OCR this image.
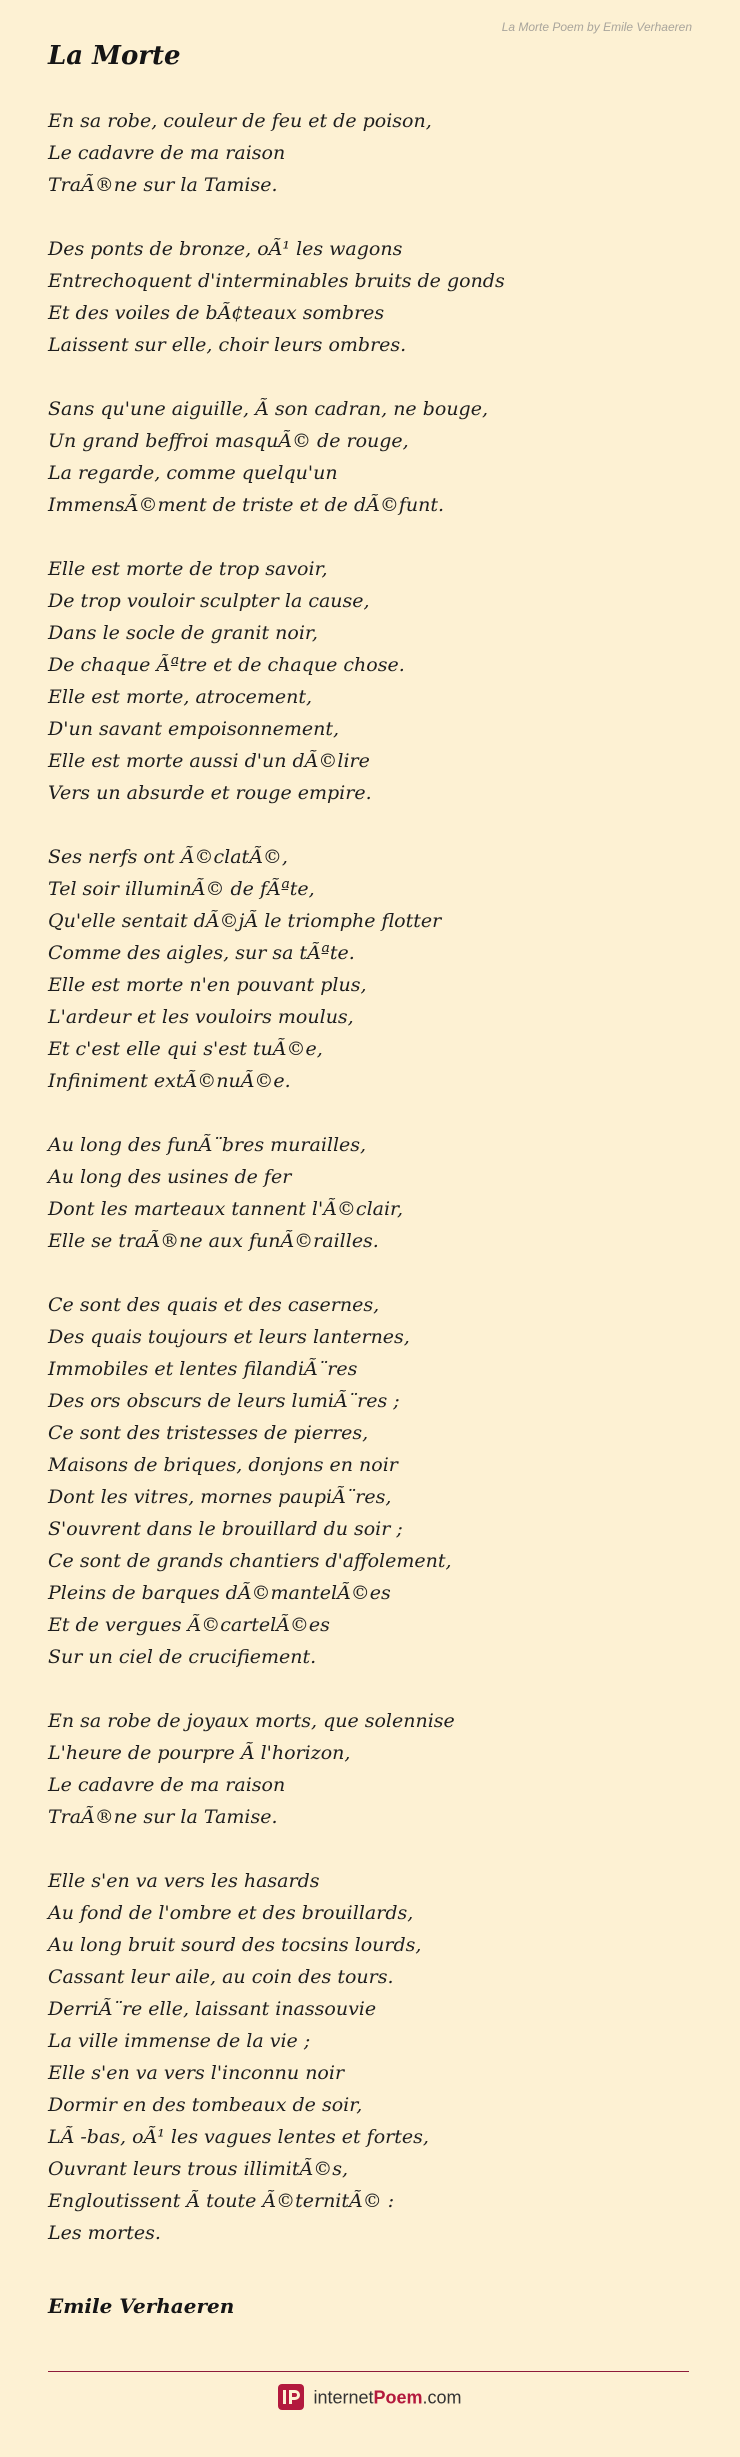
La Morte Poem by Emile Verhaeren
La Morte
En sa robe, couleur de feu et de poison,
Le cadavre de ma raison
TraÃ®ne sur la Tamise.
Des ponts de bronze, oÃ¹ les wagons
Entrechoquent d'interminables bruits de gonds
Et des voiles de bÃ¢teaux sombres
Laissent sur elle, choir leurs ombres.
Sans qu'une aiguille, Ã son cadran, ne bouge,
Un grand beffroi masquÃ© de rouge,
La regarde, comme quelqu'un
ImmensÃ©ment de triste et de dÃ©funt.
Elle est morte de trop savoir,
De trop vouloir sculpter la cause,
Dans le socle de granit noir,
De chaque Ãªtre et de chaque chose.
Elle est morte, atrocement,
D'un savant empoisonnement,
Elle est morte aussi d'un dÃ©lire
Vers un absurde et rouge empire.
Ses nerfs ont Ã©clatÃ©,
Tel soir illuminÃ© de fÃªte,
Qu'elle sentait dÃ©jÃ le triomphe flotter
Comme des aigles, sur sa tÃªte.
Elle est morte n'en pouvant plus,
L'ardeur et les vouloirs moulus,
Et c'est elle qui s'est tuÃ©e,
Infiniment extÃ©nuÃ©e.
Au long des funÃ¨bres murailles,
Au long des usines de fer
Dont les marteaux tannent l'Ã©clair,
Elle se traÃ®ne aux funÃ©railles.
Ce sont des quais et des casernes,
Des quais toujours et leurs lanternes,
Immobiles et lentes filandiÃ¨res
Des ors obscurs de leurs lumiÃ¨res ;
Ce sont des tristesses de pierres,
Maisons de briques, donjons en noir
Dont les vitres, mornes paupiÃ¨res,
S'ouvrent dans le brouillard du soir ;
Ce sont de grands chantiers d'affolement,
Pleins de barques dÃ©mantelÃ©es
Et de vergues Ã©cartelÃ©es
Sur un ciel de crucifiement.
En sa robe de joyaux morts, que solennise
L'heure de pourpre Ã l'horizon,
Le cadavre de ma raison
TraÃ®ne sur la Tamise.
Elle s'en va vers les hasards
Au fond de l'ombre et des brouillards,
Au long bruit sourd des tocsins lourds,
Cassant leur aile, au coin des tours.
DerriÃ¨re elle, laissant inassouvie
La ville immense de la vie ;
Elle s'en va vers l'inconnu noir
Dormir en des tombeaux de soir,
LÃ -bas, oÃ¹ les vagues lentes et fortes,
Ouvrant leurs trous illimitÃ©s,
Engloutissent Ã toute Ã©ternitÃ© :
Les mortes.
Emile Verhaeren
internetPoem.com
